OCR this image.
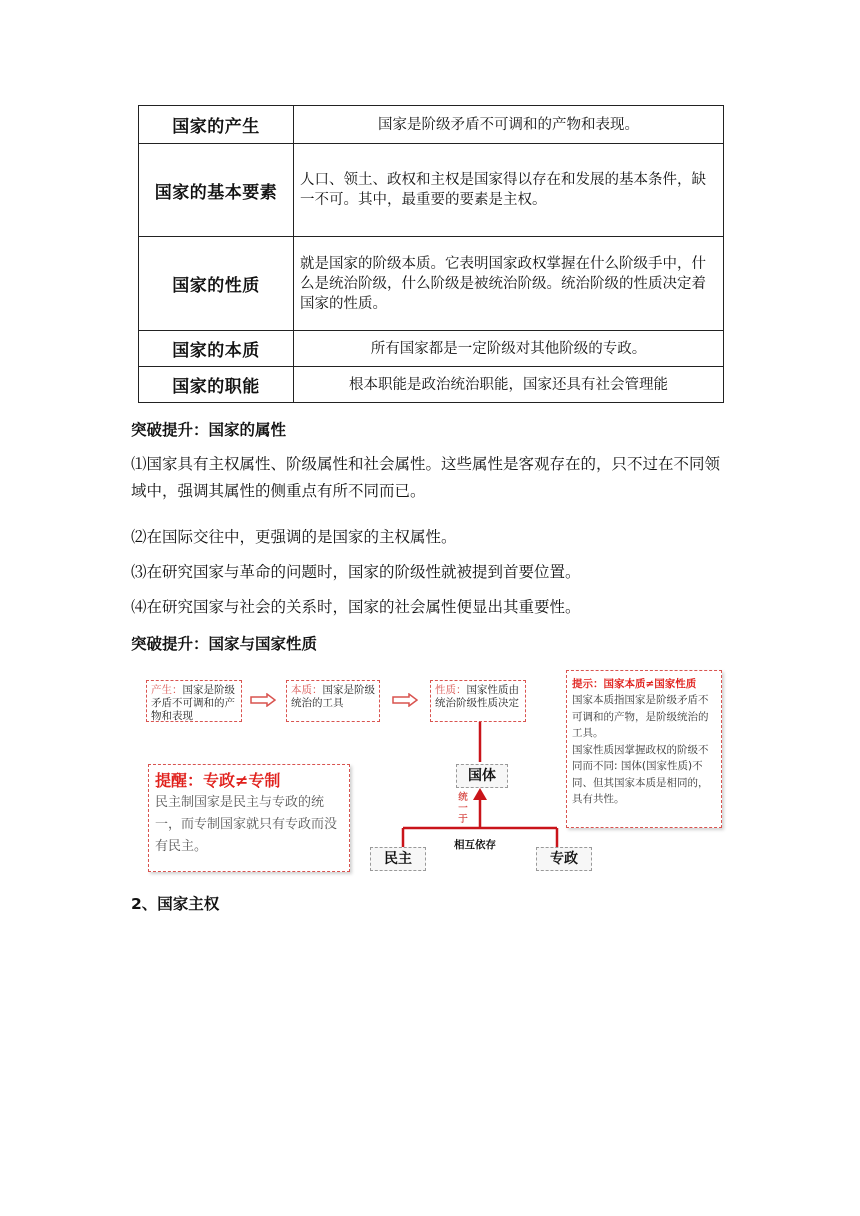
国家的产生	国家是阶级矛盾不可调和的产物和表现。
国家的基本要素	人口、领土、政权和主权是国家得以存在和发展的基本条件，缺一不可。其中，最重要的要素是主权。
国家的性质	就是国家的阶级本质。它表明国家政权掌握在什么阶级手中，什么是统治阶级，什么阶级是被统治阶级。统治阶级的性质决定着国家的性质。
国家的本质	所有国家都是一定阶级对其他阶级的专政。
国家的职能	根本职能是政治统治职能，国家还具有社会管理能
突破提升：国家的属性
⑴国家具有主权属性、阶级属性和社会属性。这些属性是客观存在的，只不过在不同领域中，强调其属性的侧重点有所不同而已。
⑵在国际交往中，更强调的是国家的主权属性。
⑶在研究国家与革命的问题时，国家的阶级性就被提到首要位置。
⑷在研究国家与社会的关系时，国家的社会属性便显出其重要性。
突破提升：国家与国家性质
产生：国家是阶级矛盾不可调和的产物和表现
本质：国家是阶级统治的工具
性质：国家性质由统治阶级性质决定
国体
民主	专政
统一于
相互依存
提醒：专政≠专制
民主制国家是民主与专政的统一，而专制国家就只有专政而没有民主。
提示：国家本质≠国家性质
国家本质指国家是阶级矛盾不可调和的产物，是阶级统治的工具。
国家性质因掌握政权的阶级不同而不同: 国体(国家性质)不同、但其国家本质是相同的，具有共性。
2、国家主权
